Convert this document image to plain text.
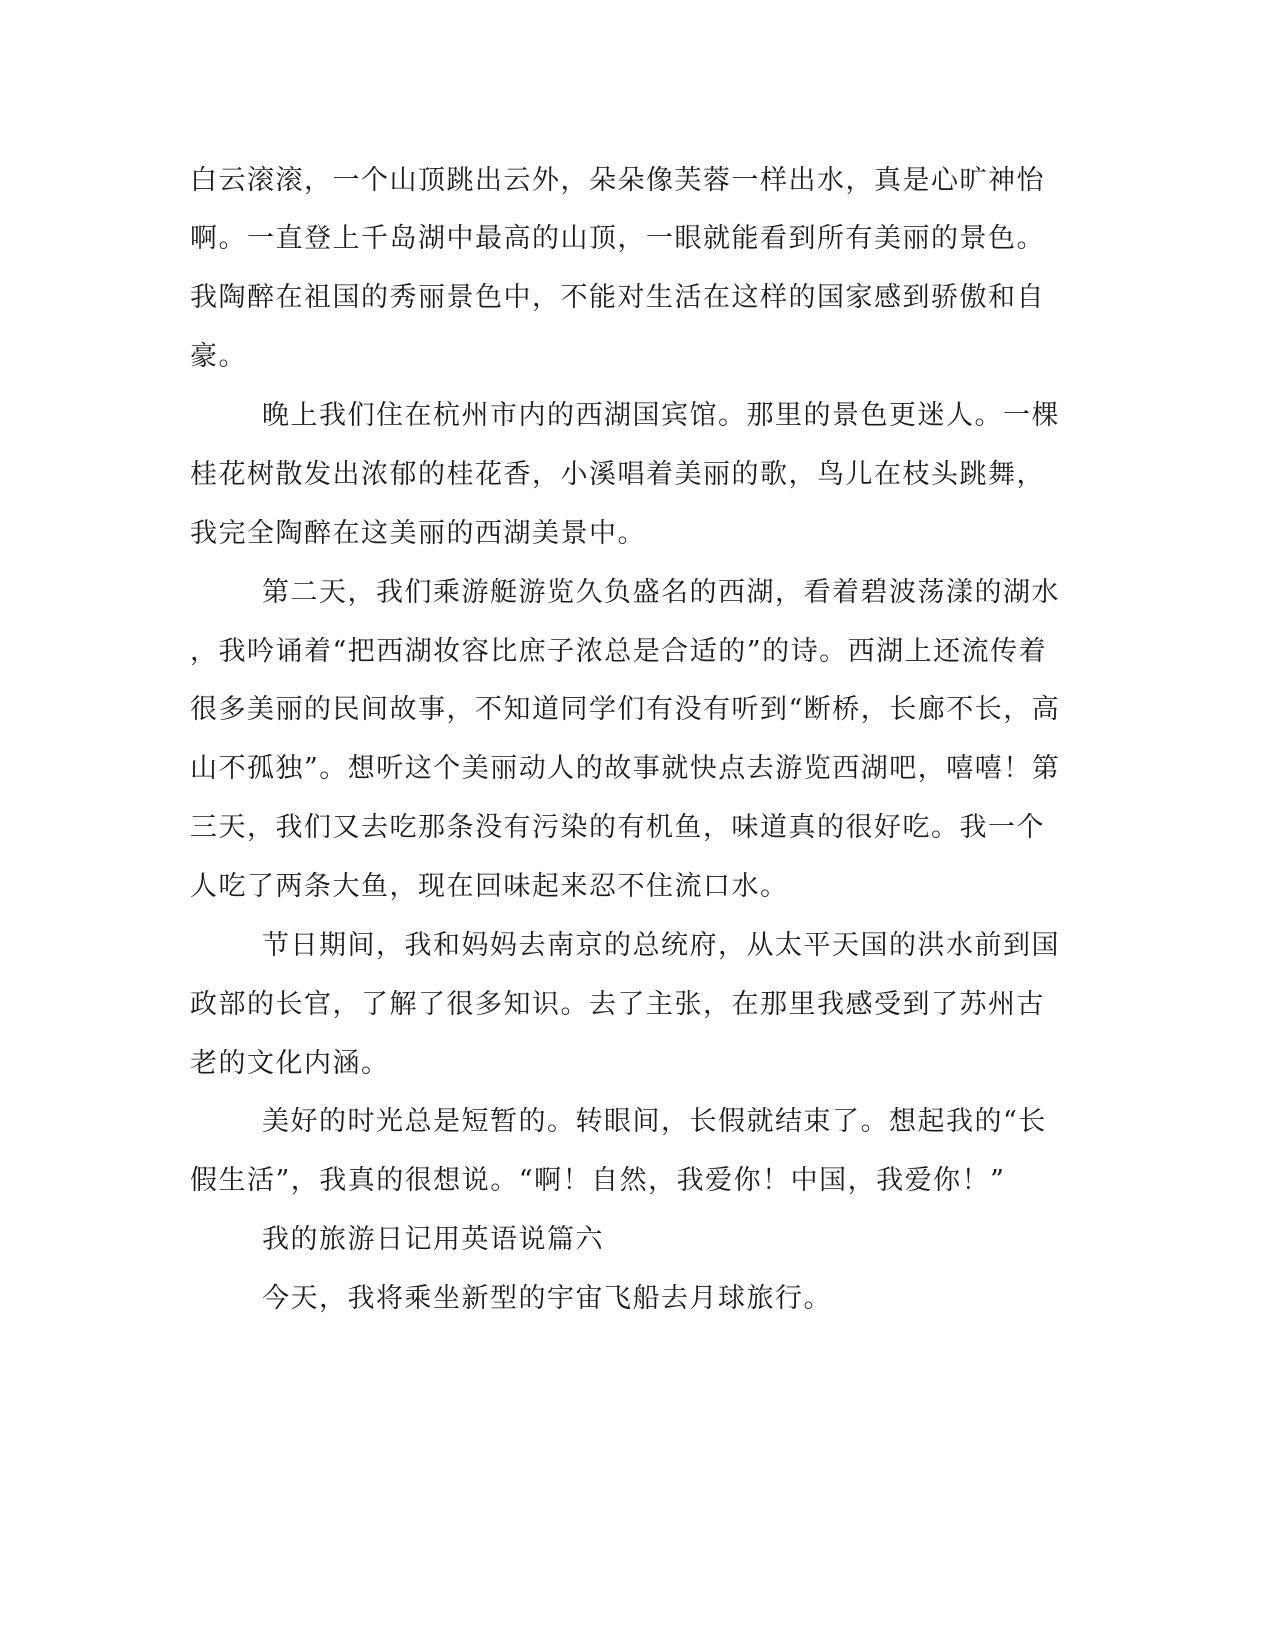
白云滚滚，一个山顶跳出云外，朵朵像芙蓉一样出水，真是心旷神怡
啊。一直登上千岛湖中最高的山顶，一眼就能看到所有美丽的景色。
我陶醉在祖国的秀丽景色中，不能对生活在这样的国家感到骄傲和自
豪。
晚上我们住在杭州市内的西湖国宾馆。那里的景色更迷人。一棵
桂花树散发出浓郁的桂花香，小溪唱着美丽的歌，鸟儿在枝头跳舞，
我完全陶醉在这美丽的西湖美景中。
第二天，我们乘游艇游览久负盛名的西湖，看着碧波荡漾的湖水
，我吟诵着“把西湖妆容比庶子浓总是合适的”的诗。西湖上还流传着
很多美丽的民间故事，不知道同学们有没有听到“断桥，长廊不长，高
山不孤独”。想听这个美丽动人的故事就快点去游览西湖吧，嘻嘻！第
三天，我们又去吃那条没有污染的有机鱼，味道真的很好吃。我一个
人吃了两条大鱼，现在回味起来忍不住流口水。
节日期间，我和妈妈去南京的总统府，从太平天国的洪水前到国
政部的长官，了解了很多知识。去了主张，在那里我感受到了苏州古
老的文化内涵。
美好的时光总是短暂的。转眼间，长假就结束了。想起我的“长
假生活”，我真的很想说。“啊！自然，我爱你！中国，我爱你！”
我的旅游日记用英语说篇六
今天，我将乘坐新型的宇宙飞船去月球旅行。
